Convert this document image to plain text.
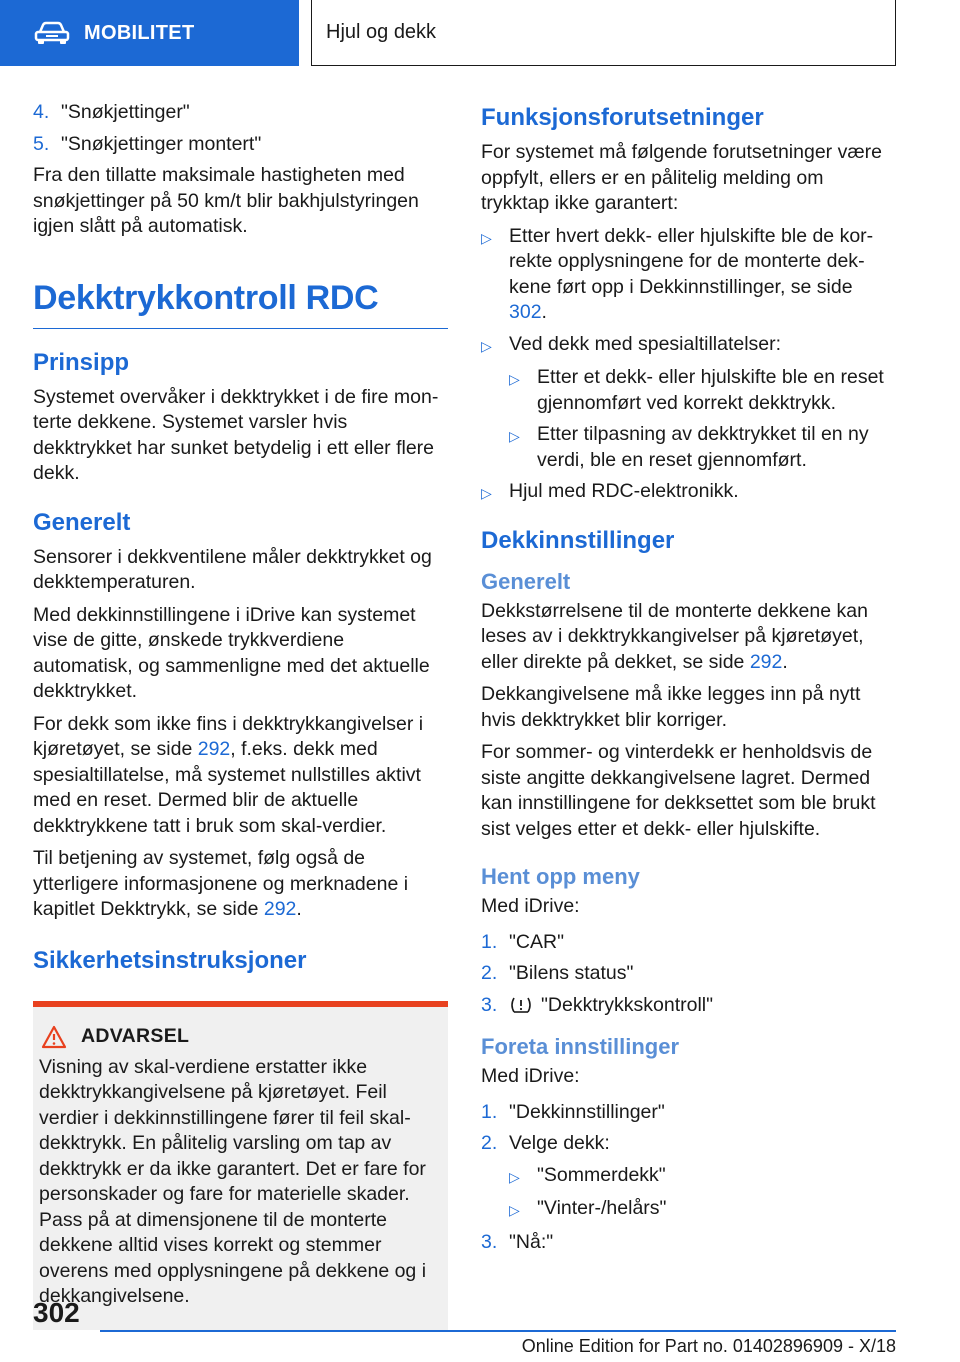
MOBILITET	Hjul og dekk
4. "Snøkjettinger"
5. "Snøkjettinger montert"

Fra den tillatte maksimale hastigheten med snøkjettinger på 50 km/t blir bakhjulstyringen igjen slått på automatisk.

Dekktrykkontroll RDC
Prinsipp

Systemet overvåker i dekktrykket i de fire monterte dekkene. Systemet varsler hvis dekktrykket har sunket betydelig i ett eller flere dekk.

Generelt

Sensorer i dekkventilene måler dekktrykket og dekktemperaturen.

Med dekkinnstillingene i iDrive kan systemet vise de gitte, ønskede trykkverdiene automatisk, og sammenligne med det aktuelle dekktrykket.

For dekk som ikke fins i dekktrykkangivelser i kjøretøyet, se side 292, f.eks. dekk med spesialtillatelse, må systemet nullstilles aktivt med en reset. Dermed blir de aktuelle dekktrykkene tatt i bruk som skal-verdier.

Til betjening av systemet, følg også de ytterligere informasjonene og merknadene i kapitlet Dekktrykk, se side 292.

Sikkerhetsinstruksjoner
ADVARSEL

Visning av skal-verdiene erstatter ikke dekktrykkangivelsene på kjøretøyet. Feil verdier i dekkinnstillingene fører til feil skal-dekktrykk. En pålitelig varsling om tap av dekktrykk er da ikke garantert. Det er fare for personskader og fare for materielle skader. Pass på at dimensjonene til de monterte dekkene alltid vises korrekt og stemmer overens med opplysningene på dekkene og i dekkangivelsene.

Funksjonsforutsetninger

For systemet må følgende forutsetninger være oppfylt, ellers er en pålitelig melding om trykktap ikke garantert:

▷ Etter hvert dekk- eller hjulskifte ble de korrekte opplysningene for de monterte dekkene ført opp i Dekkinnstillinger, se side 302.
▷ Ved dekk med spesialtillatelser:
▷ Etter et dekk- eller hjulskifte ble en reset gjennomført ved korrekt dekktrykk.
▷ Etter tilpasning av dekktrykket til en ny verdi, ble en reset gjennomført.
▷ Hjul med RDC-elektronikk.
Dekkinnstillinger
Generelt

Dekkstørrelsene til de monterte dekkene kan leses av i dekktrykkangivelser på kjøretøyet, eller direkte på dekket, se side 292.

Dekkangivelsene må ikke legges inn på nytt hvis dekktrykket blir korriger.

For sommer- og vinterdekk er henholdsvis de siste angitte dekkangivelsene lagret. Dermed kan innstillingene for dekksettet som ble brukt sist velges etter et dekk- eller hjulskifte.

Hent opp meny

Med iDrive:

1. "CAR"
2. "Bilens status"
3.	"Dekktrykkskontroll"
Foreta innstillinger

Med iDrive:

1. "Dekkinnstillinger"
2. Velge dekk:
▷ "Sommerdekk"
▷ "Vinter-/helårs"
3. "Nå:"
302
Online Edition for Part no. 01402896909 - X/18
